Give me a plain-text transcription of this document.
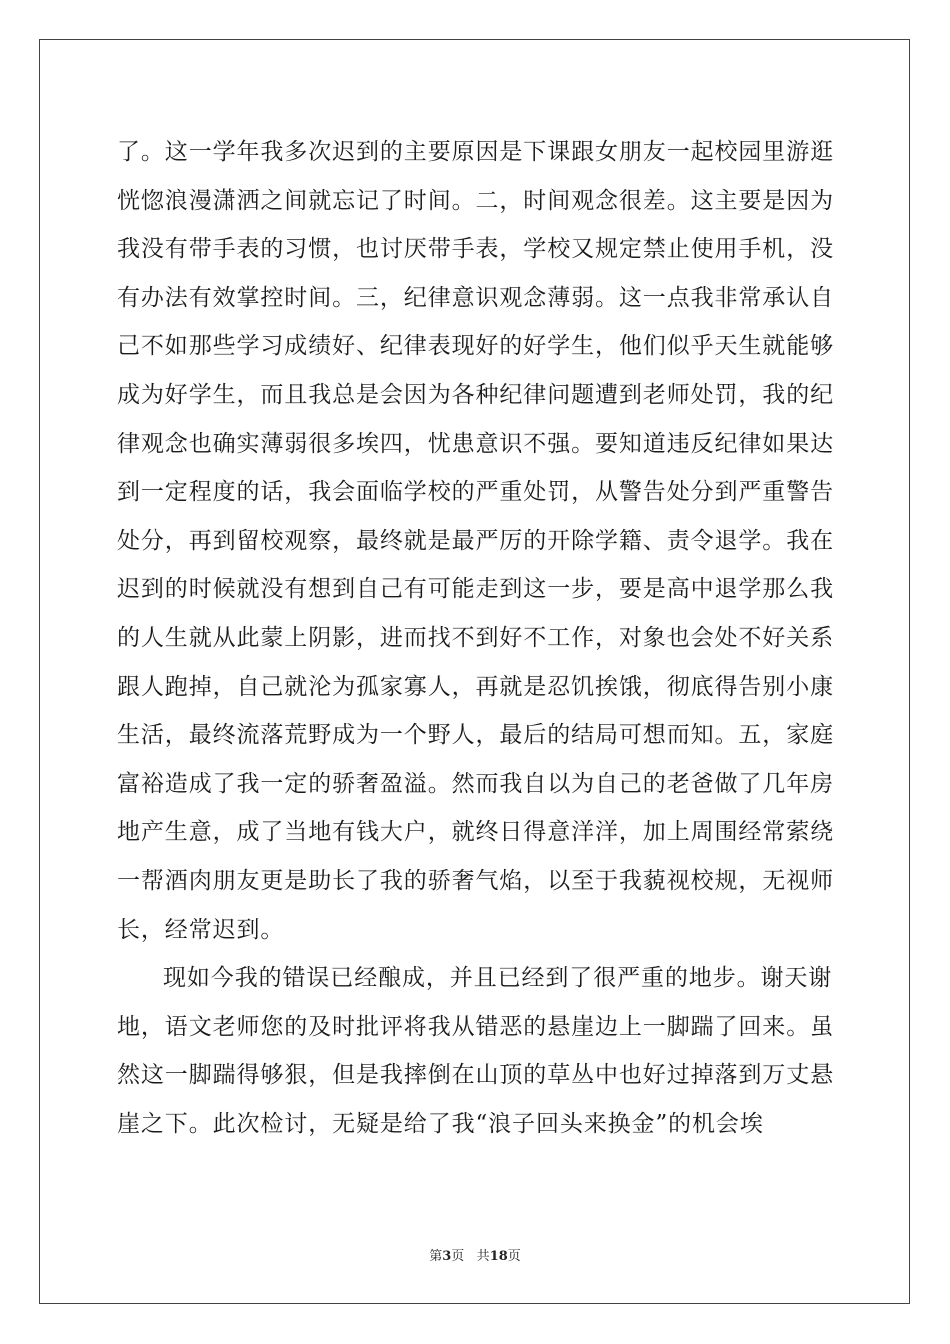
了。这一学年我多次迟到的主要原因是下课跟女朋友一起校园里游逛
恍惚浪漫潇洒之间就忘记了时间。二，时间观念很差。这主要是因为
我没有带手表的习惯，也讨厌带手表，学校又规定禁止使用手机，没
有办法有效掌控时间。三，纪律意识观念薄弱。这一点我非常承认自
己不如那些学习成绩好、纪律表现好的好学生，他们似乎天生就能够
成为好学生，而且我总是会因为各种纪律问题遭到老师处罚，我的纪
律观念也确实薄弱很多埃四，忧患意识不强。要知道违反纪律如果达
到一定程度的话，我会面临学校的严重处罚，从警告处分到严重警告
处分，再到留校观察，最终就是最严厉的开除学籍、责令退学。我在
迟到的时候就没有想到自己有可能走到这一步，要是高中退学那么我
的人生就从此蒙上阴影，进而找不到好不工作，对象也会处不好关系
跟人跑掉，自己就沦为孤家寡人，再就是忍饥挨饿，彻底得告别小康
生活，最终流落荒野成为一个野人，最后的结局可想而知。五，家庭
富裕造成了我一定的骄奢盈溢。然而我自以为自己的老爸做了几年房
地产生意，成了当地有钱大户，就终日得意洋洋，加上周围经常萦绕
一帮酒肉朋友更是助长了我的骄奢气焰，以至于我藐视校规，无视师
长，经常迟到。
现如今我的错误已经酿成，并且已经到了很严重的地步。谢天谢
地，语文老师您的及时批评将我从错恶的悬崖边上一脚踹了回来。虽
然这一脚踹得够狠，但是我摔倒在山顶的草丛中也好过掉落到万丈悬
崖之下。此次检讨，无疑是给了我“浪子回头来换金”的机会埃
第3页 共18页
